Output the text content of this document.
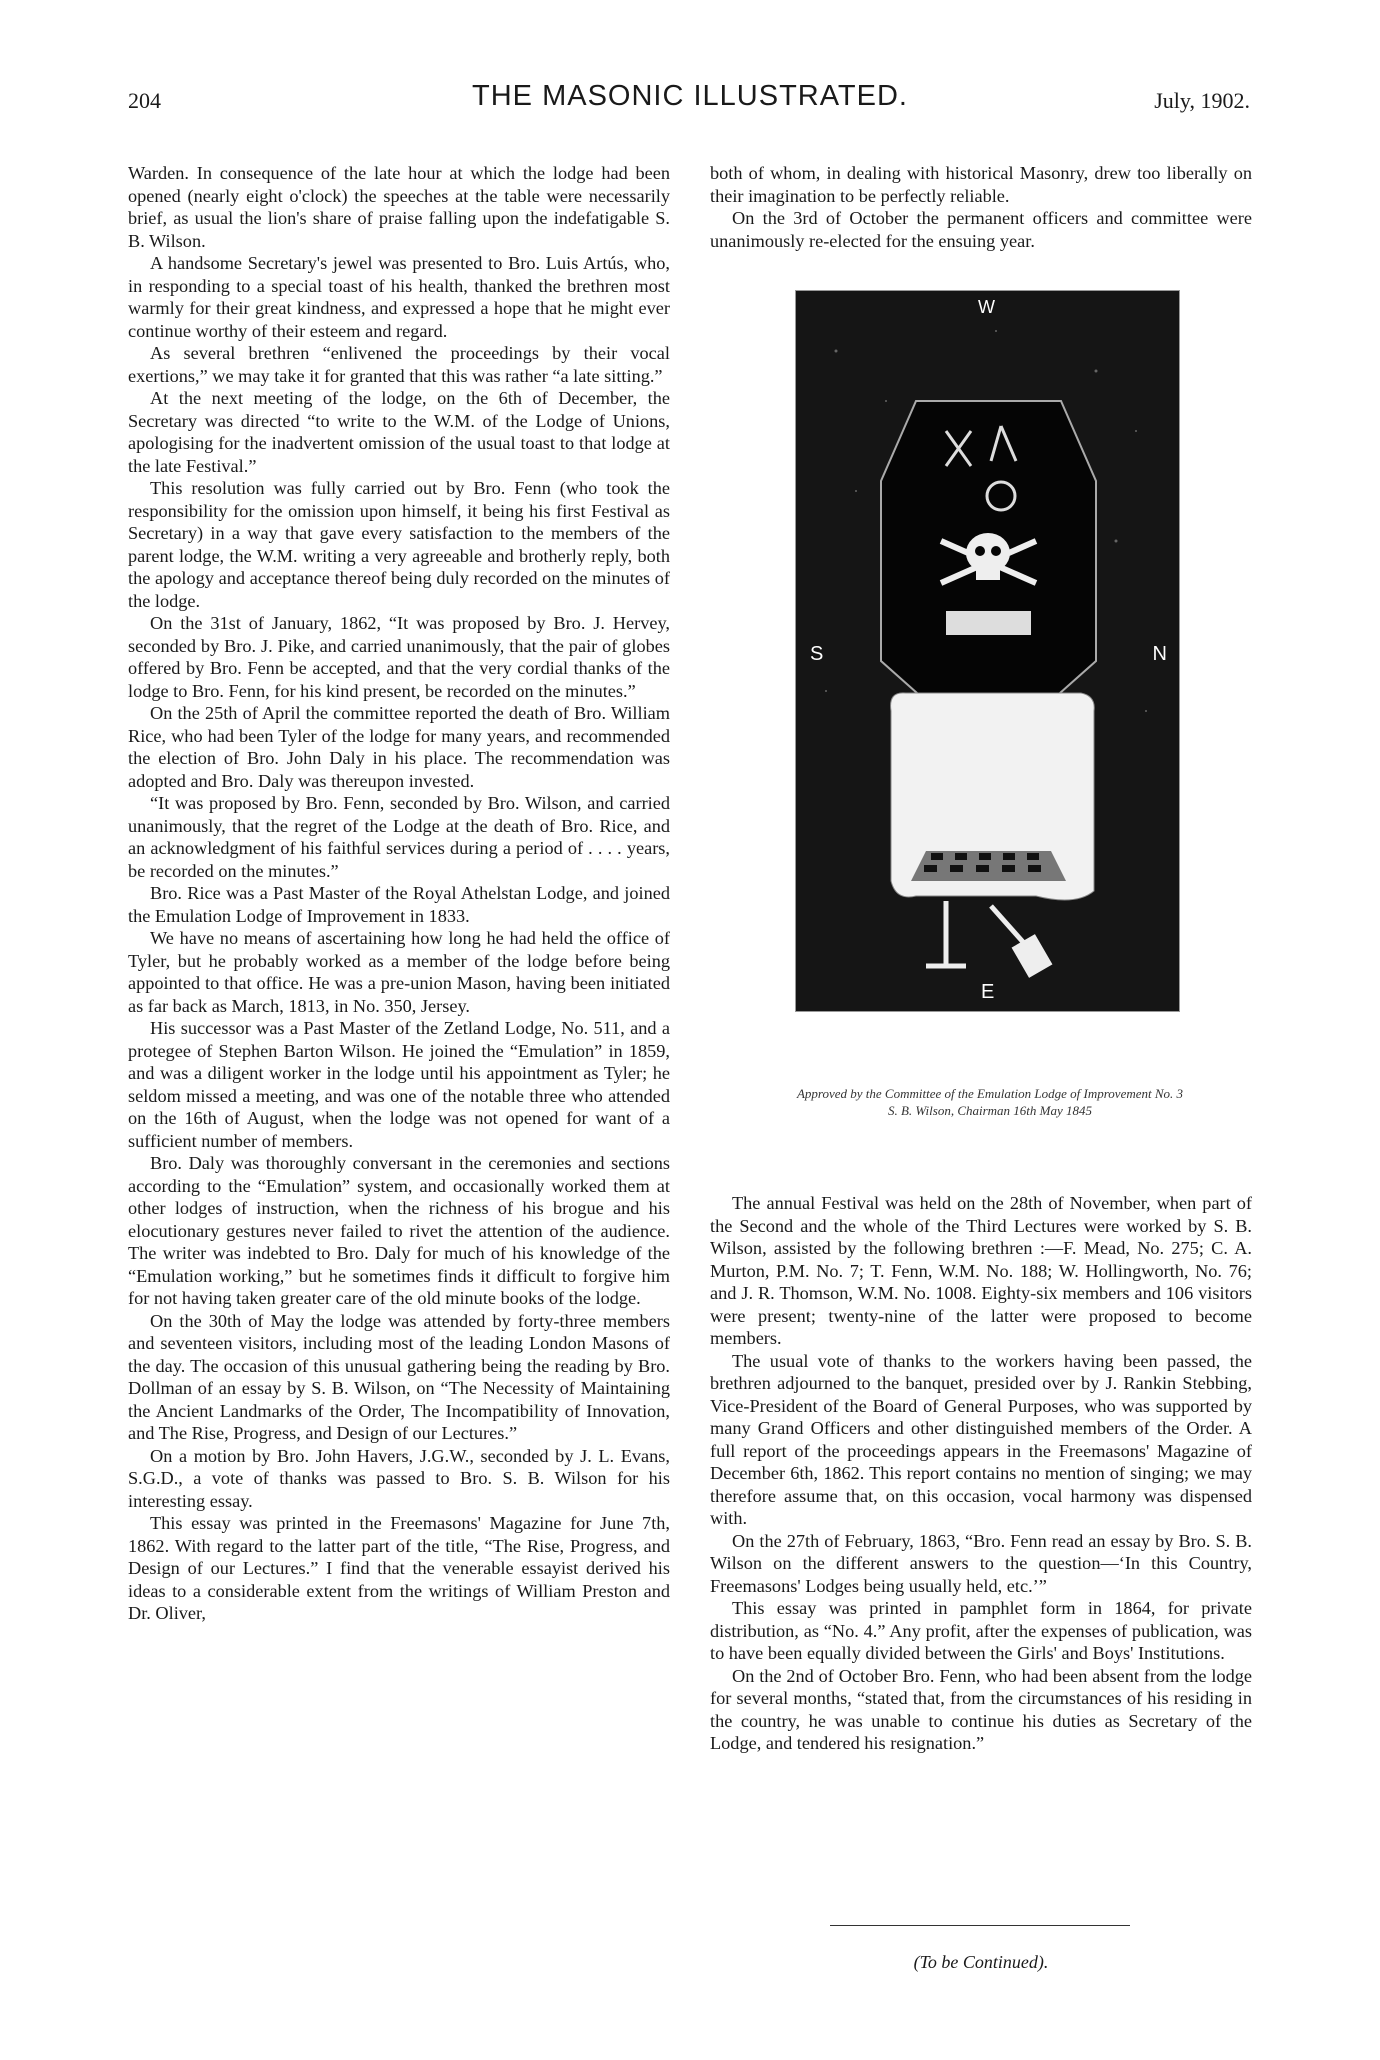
204	THE MASONIC ILLUSTRATED.	July, 1902.

Warden. In consequence of the late hour at which the lodge had been opened (nearly eight o'clock) the speeches at the table were necessarily brief, as usual the lion's share of praise falling upon the indefatigable S. B. Wilson.

A handsome Secretary's jewel was presented to Bro. Luis Artús, who, in responding to a special toast of his health, thanked the brethren most warmly for their great kindness, and expressed a hope that he might ever continue worthy of their esteem and regard.

As several brethren “enlivened the proceedings by their vocal exertions,” we may take it for granted that this was rather “a late sitting.”

At the next meeting of the lodge, on the 6th of December, the Secretary was directed “to write to the W.M. of the Lodge of Unions, apologising for the inadvertent omission of the usual toast to that lodge at the late Festival.”

This resolution was fully carried out by Bro. Fenn (who took the responsibility for the omission upon himself, it being his first Festival as Secretary) in a way that gave every satisfaction to the members of the parent lodge, the W.M. writing a very agreeable and brotherly reply, both the apology and acceptance thereof being duly recorded on the minutes of the lodge.

On the 31st of January, 1862, “It was proposed by Bro. J. Hervey, seconded by Bro. J. Pike, and carried unanimously, that the pair of globes offered by Bro. Fenn be accepted, and that the very cordial thanks of the lodge to Bro. Fenn, for his kind present, be recorded on the minutes.”

On the 25th of April the committee reported the death of Bro. William Rice, who had been Tyler of the lodge for many years, and recommended the election of Bro. John Daly in his place. The recommendation was adopted and Bro. Daly was thereupon invested.

“It was proposed by Bro. Fenn, seconded by Bro. Wilson, and carried unanimously, that the regret of the Lodge at the death of Bro. Rice, and an acknowledgment of his faithful services during a period of . . . . years, be recorded on the minutes.”

Bro. Rice was a Past Master of the Royal Athelstan Lodge, and joined the Emulation Lodge of Improvement in 1833.

We have no means of ascertaining how long he had held the office of Tyler, but he probably worked as a member of the lodge before being appointed to that office. He was a pre-union Mason, having been initiated as far back as March, 1813, in No. 350, Jersey.

His successor was a Past Master of the Zetland Lodge, No. 511, and a protegee of Stephen Barton Wilson. He joined the “Emulation” in 1859, and was a diligent worker in the lodge until his appointment as Tyler; he seldom missed a meeting, and was one of the notable three who attended on the 16th of August, when the lodge was not opened for want of a sufficient number of members.

Bro. Daly was thoroughly conversant in the ceremonies and sections according to the “Emulation” system, and occasionally worked them at other lodges of instruction, when the richness of his brogue and his elocutionary gestures never failed to rivet the attention of the audience. The writer was indebted to Bro. Daly for much of his knowledge of the “Emulation working,” but he sometimes finds it difficult to forgive him for not having taken greater care of the old minute books of the lodge.

On the 30th of May the lodge was attended by forty-three members and seventeen visitors, including most of the leading London Masons of the day. The occasion of this unusual gathering being the reading by Bro. Dollman of an essay by S. B. Wilson, on “The Necessity of Maintaining the Ancient Landmarks of the Order, The Incompatibility of Innovation, and The Rise, Progress, and Design of our Lectures.”

On a motion by Bro. John Havers, J.G.W., seconded by J. L. Evans, S.G.D., a vote of thanks was passed to Bro. S. B. Wilson for his interesting essay.

This essay was printed in the Freemasons' Magazine for June 7th, 1862. With regard to the latter part of the title, “The Rise, Progress, and Design of our Lectures.” I find that the venerable essayist derived his ideas to a considerable extent from the writings of William Preston and Dr. Oliver,

both of whom, in dealing with historical Masonry, drew too liberally on their imagination to be perfectly reliable.

On the 3rd of October the permanent officers and committee were unanimously re-elected for the ensuing year.

W
S	N
E
Approved by the Committee of the Emulation Lodge of Improvement No. 3
S. B. Wilson, Chairman 16th May 1845

The annual Festival was held on the 28th of November, when part of the Second and the whole of the Third Lectures were worked by S. B. Wilson, assisted by the following brethren :—F. Mead, No. 275; C. A. Murton, P.M. No. 7; T. Fenn, W.M. No. 188; W. Hollingworth, No. 76; and J. R. Thomson, W.M. No. 1008. Eighty-six members and 106 visitors were present; twenty-nine of the latter were proposed to become members.

The usual vote of thanks to the workers having been passed, the brethren adjourned to the banquet, presided over by J. Rankin Stebbing, Vice-President of the Board of General Purposes, who was supported by many Grand Officers and other distinguished members of the Order. A full report of the proceedings appears in the Freemasons' Magazine of December 6th, 1862. This report contains no mention of singing; we may therefore assume that, on this occasion, vocal harmony was dispensed with.

On the 27th of February, 1863, “Bro. Fenn read an essay by Bro. S. B. Wilson on the different answers to the question—‘In this Country, Freemasons' Lodges being usually held, etc.’”

This essay was printed in pamphlet form in 1864, for private distribution, as “No. 4.” Any profit, after the expenses of publication, was to have been equally divided between the Girls' and Boys' Institutions.

On the 2nd of October Bro. Fenn, who had been absent from the lodge for several months, “stated that, from the circumstances of his residing in the country, he was unable to continue his duties as Secretary of the Lodge, and tendered his resignation.”

(To be Continued).
